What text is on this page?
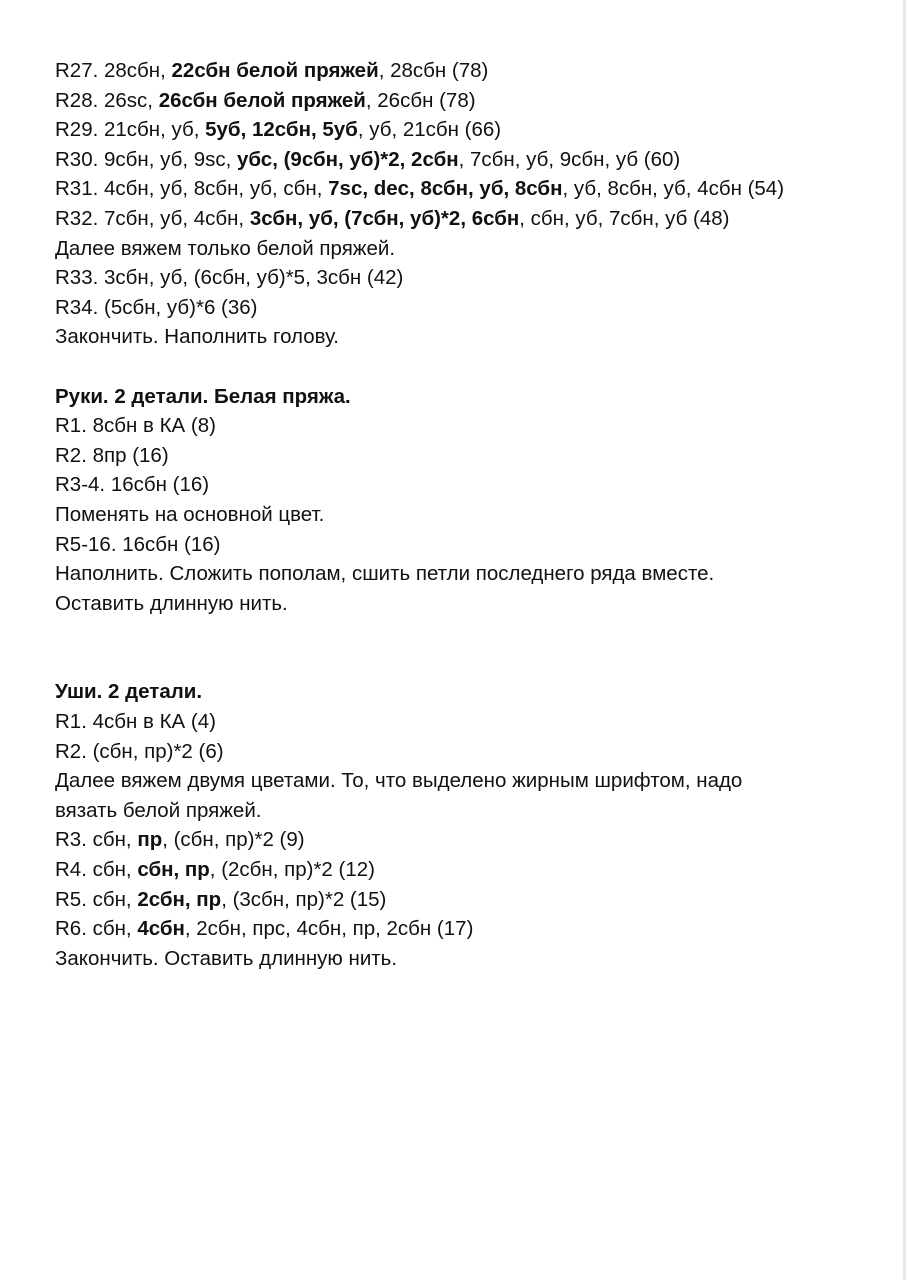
R27. 28сбн, 22сбн белой пряжей, 28сбн (78)
R28. 26sc, 26сбн белой пряжей, 26сбн (78)
R29. 21сбн, уб, 5уб, 12сбн, 5уб, уб, 21сбн (66)
R30. 9сбн, уб, 9sc, убс, (9сбн, уб)*2, 2сбн, 7сбн, уб, 9сбн, уб (60)
R31. 4сбн, уб, 8сбн, уб, сбн, 7sc, dec, 8сбн, уб, 8сбн, уб, 8сбн, уб, 4сбн (54)
R32. 7сбн, уб, 4сбн, 3сбн, уб, (7сбн, уб)*2, 6сбн, сбн, уб, 7сбн, уб (48)
Далее вяжем только белой пряжей.
R33. 3сбн, уб, (6сбн, уб)*5, 3сбн (42)
R34. (5сбн, уб)*6 (36)
Закончить. Наполнить голову.
Руки. 2 детали. Белая пряжа.
R1. 8сбн в КА (8)
R2. 8пр (16)
R3-4. 16сбн (16)
Поменять на основной цвет.
R5-16. 16сбн (16)
Наполнить. Сложить пополам, сшить петли последнего ряда вместе.
Оставить длинную нить.
Уши. 2 детали.
R1. 4сбн в КА (4)
R2. (сбн, пр)*2 (6)
Далее вяжем двумя цветами. То, что выделено жирным шрифтом, надо
вязать белой пряжей.
R3. сбн, пр, (сбн, пр)*2 (9)
R4. сбн, сбн, пр, (2сбн, пр)*2 (12)
R5. сбн, 2сбн, пр, (3сбн, пр)*2 (15)
R6. сбн, 4сбн, 2сбн, прс, 4сбн, пр, 2сбн (17)
Закончить. Оставить длинную нить.
